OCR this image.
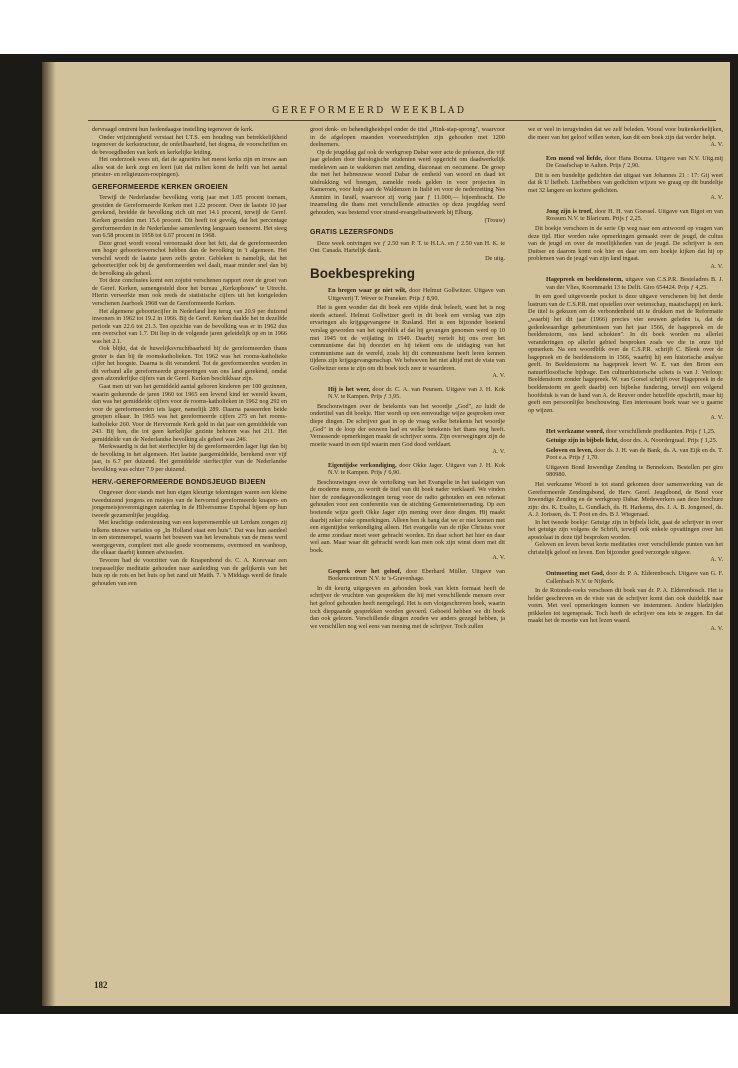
GEREFORMEERD WEEKBLAD

dervraagd omtrent hun hedendaagse instelling tegenover de kerk.

Onder vrijzinnigheid verstaat het I.T.S. een houding van betrekkelijkheid tegenover de kerkstructuur, de onfeilbaarheid, het dogma, de voorschriften en de bevoegdheden van kerk en kerkelijke leiding.

Het onderzoek wees uit, dat de agrariërs het meest kerks zijn en trouw aan alles wat de kerk zegt en leert (uit dat milieu komt de helft van het aantal priester- en religieuzen-roepingen).

GEREFORMEERDE KERKEN GROEIEN

Terwijl de Nederlandse bevolking vorig jaar met 1.05 procent toenam, groeiden de Gereformeerde Kerken met 1.22 procent. Over de laatste 10 jaar gerekend, breidde de bevolking zich uit met 14.1 procent, terwijl de Geref. Kerken groeiden met 15.6 procent. Dit heeft tot gevolg, dat het percentage gereformeerden in de Nederlandse samenleving langzaam toeneemt. Het steeg van 6.58 procent in 1958 tot 6.67 procent in 1968.

Deze groei wordt vooral veroorzaakt door het feit, dat de gereformeerden een hoger geboorteoverschot hebben dan de bevolking in 't algemeen. Het verschil wordt de laatste jaren zelfs groter. Gebleken is namelijk, dat het geboortecijfer ook bij de gereformeerden wel daalt, maar minder snel dan bij de bevolking als geheel.

Tot deze conclusies komt een zojuist verschenen rapport over de groei van de Geref. Kerken, samengesteld door het bureau „Kerkopbouw" te Utrecht. Hierin verwerkte men ook reeds de statistische cijfers uit het kortgeleden verschenen Jaarboek 1968 van de Gereformeerde Kerken.

Het algemene geboortecijfer in Nederland liep terug van 20.9 per duizend inwoners in 1962 tot 19.2 in 1966. Bij de Geref. Kerken daalde het in dezelfde periode van 22.6 tot 21.3. Ten opzichte van de bevolking was er in 1962 dus een overschot van 1.7. Dit liep in de volgende jaren geleidelijk op en in 1966 was het 2.1.

Ook blijkt, dat de huwelijksvruchtbaarheid bij de gereformeerden thans groter is dan bij de roomskatholieken. Tot 1962 was het rooms-katholieke cijfer het hoogste. Daarna is dit veranderd. Tot de gereformeerden worden in dit verband alle gereformeerde groeperingen van ons land gerekend, omdat geen afzonderlijke cijfers van de Geref. Kerken beschikbaar zijn.

Gaat men uit van het gemiddeld aantal geboren kinderen per 100 gezinnen, waarin gedurende de jaren 1960 tot 1965 een levend kind ter wereld kwam, dan was het gemiddelde cijfers voor de rooms-katholieken in 1962 nog 292 en voor de gereformeerden iets lager, namelijk 289. Daarna passeerden beide groepen elkaar. In 1965 was het gereformeerde cijfers 275 en het rooms-katholieke 260. Voor de Hervormde Kerk gold in dat jaar een gemiddelde van 243. Bij hen, die tot geen kerkelijke gezinte behoren was het 211. Het gemiddelde van de Nederlandse bevolking als geheel was 246.

Merkwaardig is dat het sterftecijfer bij de gereformeerden lager ligt dan bij de bevolking in het algemeen. Het laatste jaargemiddelde, berekend over vijf jaar, is 6.7 per duizend. Het gemiddelde sterftecijfer van de Nederlandse bevolking was echter 7.9 per duizend.

HERV.-GEREFORMEERDE BONDSJEUGD BIJEEN

Ongeveer door stands met hun eigen kleurige tekeningen waren een kleine tweeduizend jongens en meisjes van de hervormd gereformeerde knapen- en jongemeisjesverenigingen zaterdag in de Hilversumse Expohal bijeen op hun tweede gezamenlijke jeugddag.

Met krachtige ondersteuning van een koperensemble uit Lerdam zongen zij telkens nieuwe variaties op „In Holland staat een huis". Dat was hun aandeel in een stemmenspel, waarin het bouwen van het levenshuis van de mens werd weergegeven, compleet met alle goede voornemens, overmoed en wanhoop, die elkaar daarbij kunnen afwisselen.

Tevoren had de voorzitter van de Knapenbond ds. C. A. Korevaar een toepasselijke meditatie gehouden naar aanleiding van de gelijkenis van het huis op de rots en het huis op het zand uit Matth. 7. 's Middags werd de finale gehouden van een

groot denk- en behendigheidspel onder de titel „Hink-stap-sprong", waarvoor in de afgelopen maanden voorwedstrijden zijn gehouden met 1200 deelnemers.

Op de jeugddag gaf ook de werkgroep Dabar weer acte de présence, die vijf jaar geleden door theologische studenten werd opgericht om daadwerkelijk medeleven aan te wakkeren met zending, diaconaat en oecumene. De groep die met het hebreeuwse woord Dabar de eenheid van woord en daad tot uitdrukking wil brengen, zamelde reeds gelden in voor projecten in Kameroen, voor hulp aan de Waldenzen in Italië en voor de nederzetting Nes Ammim in Israël, waarvoor zij vorig jaar ƒ 11.000,— bijeenbracht. De inzameling die thans met verschillende attracties op deze jeugddag werd gehouden, was bestemd voor strand-evangelisatiewerk bij Elburg.

(Trouw)

GRATIS LEZERSFONDS

Deze week ontvingen we ƒ 2.50 van P. T. te H.I.A. en ƒ 2.50 van H. K. te Ont. Canada. Hartelijk dank.

De uitg.

Boekbespreking

En bregen waar ge niet wilt, door Helmut Gollwitzer. Uitgave van Uitgeverij T. Wever te Franeker. Prijs ƒ 8,90.

Het is geen wonder dat dit boek een vijfde druk beleeft, want het is nog steeds actueel. Helmut Gollwitzer geeft in dit boek een verslag van zijn ervaringen als krijgsgevangene in Rusland. Het is een bijzonder boeiend verslag geworden van het ogenblik af dat hij gevangen genomen werd op 10 mei 1945 tot de vrijlating in 1949. Daarbij vertelt hij ons over het communisme dat hij doorziet en hij tekent ons de uitdaging van het communisme aan de wereld, zoals hij dit communisme heeft leren kennen tijdens zijn krijgsgevangenschap. We behoeven het niet altijd met de visie van Gollwitzer eens te zijn om dit boek toch zeer te waarderen.

A. V.

Hij is het weer, door dr. C. A. van Peursen. Uitgave van J. H. Kok N.V. te Kampen. Prijs ƒ 3,95.

Beschouwingen over de betekenis van het woordje „God", zo luidt de ondertitel van dit boekje. Hier wordt op een eenvoudige wijze gesproken over diepe dingen. De schrijver gaat in op de vraag welke betekenis het woordje „God" in de loop der eeuwen had en welke betekenis het thans nog heeft. Verrassende opmerkingen maakt de schrijver soms. Zijn overwegingen zijn de moeite waard in een tijd waarin men God dood verklaart.

A. V.

Eigentijdse verkondiging, door Okke Jager. Uitgave van J. H. Kok N.V. te Kampen. Prijs ƒ 6,90.

Beschouwingen over de vertolking van het Evangelie in het taaleigen van de moderne mens, zo wordt de titel van dit boek nader verklaard. We vinden hier de zondagavondlezingen terug voor de radio gehouden en een referaat gehouden voor een conferentie van de stichting Gemeentetoerusting. Op een boeiende wijze geeft Okke Jager zijn mening over deze dingen. Hij maakt daarbij zeker rake opmerkingen. Alleen ben ik bang dat we er niet komen met een eigentijdse verkondiging alleen. Het evangelie van de rijke Christus voor de arme zondaar moet weer gebracht worden. En daar schort het hier en daar wel aan. Maar waar dit gebracht wordt kan men ook zijn winst doen met dit boek.

A. V.

Gesprek over het geloof, door Eberhard Müller. Uitgave van Boekencentrum N.V. te 's-Gravenhage.

In dit keurig uitgegeven en gebonden boek van klein formaat heeft de schrijver de vruchten van gesprekken die hij met verschillende mensen over het geloof gehouden heeft neergelegd. Het is een vlotgeschreven boek, waarin toch diepgaande gesprekken worden gevoerd. Geboeid hebben we dit boek dan ook gelezen. Verschillende dingen zouden we anders gezegd hebben, ja we verschillen nog wel eens van mening met de schrijver. Toch zullen

we er veel in terugvinden dat we zelf beleden. Vooral voor buitenkerkelijken, die meer van het geloof willen weten, kan dit een boek zijn dat verder helpt.

A. V.

Een mond vol liefde, door Hans Bouma. Uitgave van N.V. Uitg.mij De Graafschap te Aalten. Prijs ƒ 2,90.

Dit is een bundeltje gedichten dat uitgaat van Johannes 21 : 17: Gij weet dat ik U liefheb. Liefhebbers van gedichten wijzen we graag op dit bundeltje met 32 langere en kortere gedichten.

A. V.

Jong zijn is troef, door H. H. van Goessel. Uitgave van Bigot en van Rossum N.V. te Blaricum. Prijs ƒ 2,25.

Dit boekje verscheen in de serie Op weg naar een antwoord op vragen van deze tijd. Hier worden rake opmerkingen gemaakt over de jeugd, de cultus van de jeugd en over de moeilijkheden van de jeugd. De schrijver is een Duitser en daarom komt ook hier en daar om een hoekje kijken dat hij op problemen van de jeugd van zijn land ingaat.

A. V.

Hagepreek en beeldenstorm, uitgave van C.S.P.R. Besteladres B. J. van der Vlies, Koornmarkt 13 te Delft. Giro 654424. Prijs ƒ 4,25.

In een goed uitgevoerde pocket is deze uitgave verschenen bij het derde lustrum van de C.S.P.R. met opstellen over wetenschap, maatschappij en kerk. De titel is gekozen om de verbondenheid uit te drukken met de Reformatie „waarbij het dit jaar (1966) precies vier eeuwen geleden is, dat de gedenkwaardige gebeurtenissen van het jaar 1566, de hagepreek en de beeldenstorm, ons land schokten". In dit boek worden nu allerlei veranderingen op allerlei gebied besproken zoals we die in onze tijd opmerken. Na een woordblik over de C.S.P.R. schrijft C. Blenk over de hagepreek en de beeldenstorm in 1566, waarbij hij een historische analyse geeft. In Beeldenstorm na hagepreek levert W. E. van den Brom een natuurfilosofische bijdrage. Een cultuurhistorische schets is van J. Verloop: Beeldenstorm zonder hagepreek. W. van Gorsel schrijft over Hagepreek in de beeldenstorm en geeft daarbij een bijbelse fundering, terwijl een volgend hoofdstuk is van de hand van A. de Reuver onder hetzelfde opschrift, maar hij geeft een persoonlijke beschouwing. Een interessant boek waar we u gaarne op wijzen.

A. V.

Het werkzame woord, door verschillende predikanten. Prijs ƒ 1,25.

Getuige zijn in bijbels licht, door drs. A. Noordergraaf. Prijs ƒ 1,25.

Geloven en leven, door ds. J. H. van de Bank, ds. A. van Eijk en ds. T. Poot e.a. Prijs ƒ 1,70.

Uitgaven Bond Inwendige Zending te Bennekom. Bestellen per giro 980980.

Het werkzame Woord is tot stand gekomen door samenwerking van de Gereformeerde Zendingsbond, de Herv. Geref. Jeugdbond, de Bond voor Inwendige Zending en de werkgroep Dabar. Medewerkers aan deze brochure zijn: drs. K. Exalto, L. Gundlach, ds. H. Harkema, drs. J. A. B. Jongeneel, ds. A. J. Jorissen, ds. T. Poot en drs. B J. Wiegeraad.

In het tweede boekje: Getuige zijn in bijbels licht, gaat de schrijver in over het getuige zijn volgens de Schrift, terwijl ook enkele opvattingen over het apostolaat in deze tijd besproken worden.

Geloven en leven bevat korte meditaties over verschillende punten van het christelijk geloof en leven. Een bijzonder goed verzorgde uitgave.

A. V.

Ontmoeting met God, door dr. P. A. Elderenbosch. Uitgave van G. F. Callenbach N.V. te Nijkerk.

In de Rotonde-reeks verscheen dit boek van dr. P. A. Elderenbosch. Het is helder geschreven en de visie van de schrijver komt dan ook duidelijk naar voren. Met veel opmerkingen kunnen we instemmen. Andere bladzijden prikkelen tot tegenspraak. Toch heeft de schrijver ons iets te zeggen. En dat maakt het de moeite van het lezen waard.

A. V.

182
